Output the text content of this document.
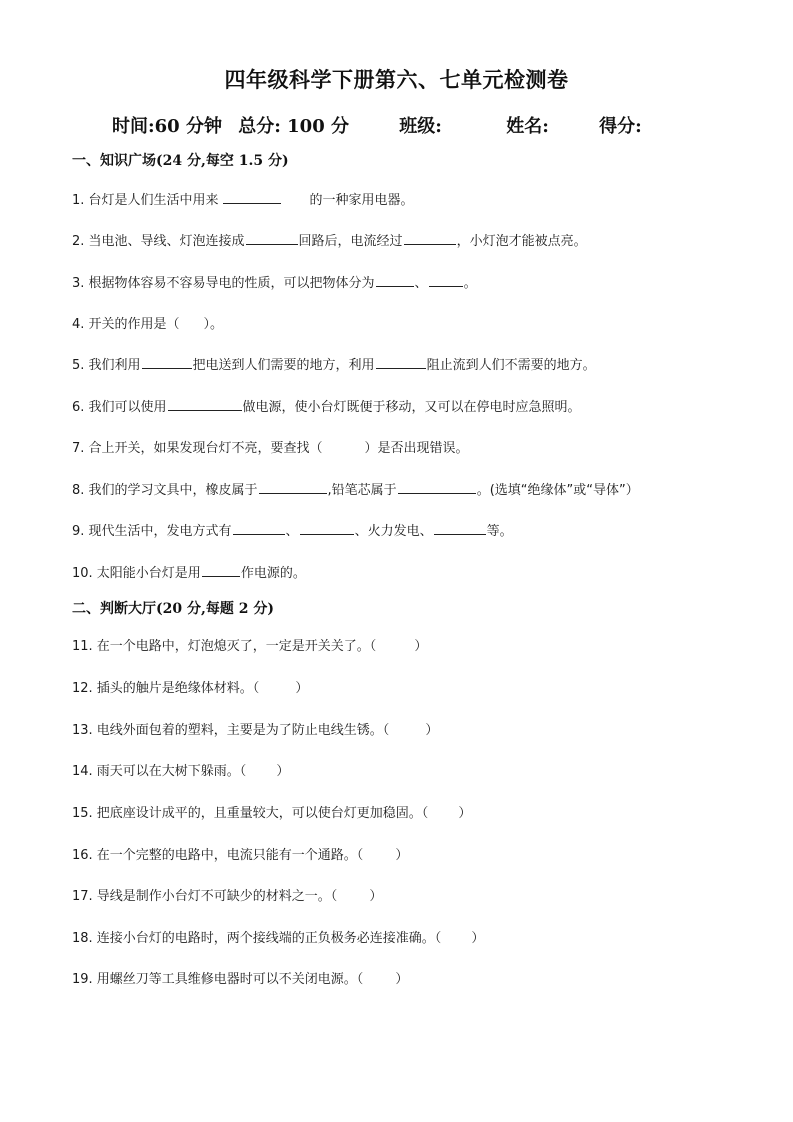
四年级科学下册第六、七单元检测卷
时间:60 分钟 总分: 100 分	班级:	姓名:	得分:
一、知识广场(24 分,每空 1.5 分)
1. 台灯是人们生活中用来	的一种家用电器。
2. 当电池、导线、灯泡连接成	回路后，电流经过	，小灯泡才能被点亮。
3. 根据物体容易不容易导电的性质，可以把物体分为	、	。
4. 开关的作用是（ ）。
5. 我们利用	把电送到人们需要的地方，利用	阻止流到人们不需要的地方。
6. 我们可以使用	做电源，使小台灯既便于移动，又可以在停电时应急照明。
7. 合上开关，如果发现台灯不亮，要查找（	）是否出现错误。
8. 我们的学习文具中，橡皮属于	,铅笔芯属于	。(选填“绝缘体”或“导体”）
9. 现代生活中，发电方式有	、	、火力发电、	等。
10. 太阳能小台灯是用	作电源的。
二、判断大厅(20 分,每题 2 分)
11. 在一个电路中，灯泡熄灭了，一定是开关关了。（	）
12. 插头的触片是绝缘体材料。（	）
13. 电线外面包着的塑料，主要是为了防止电线生锈。（	）
14. 雨天可以在大树下躲雨。（ ）
15. 把底座设计成平的，且重量较大，可以使台灯更加稳固。（ ）
16. 在一个完整的电路中，电流只能有一个通路。（ ）
17. 导线是制作小台灯不可缺少的材料之一。（ ）
18. 连接小台灯的电路时，两个接线端的正负极务必连接准确。（ ）
19. 用螺丝刀等工具维修电器时可以不关闭电源。（ ）
